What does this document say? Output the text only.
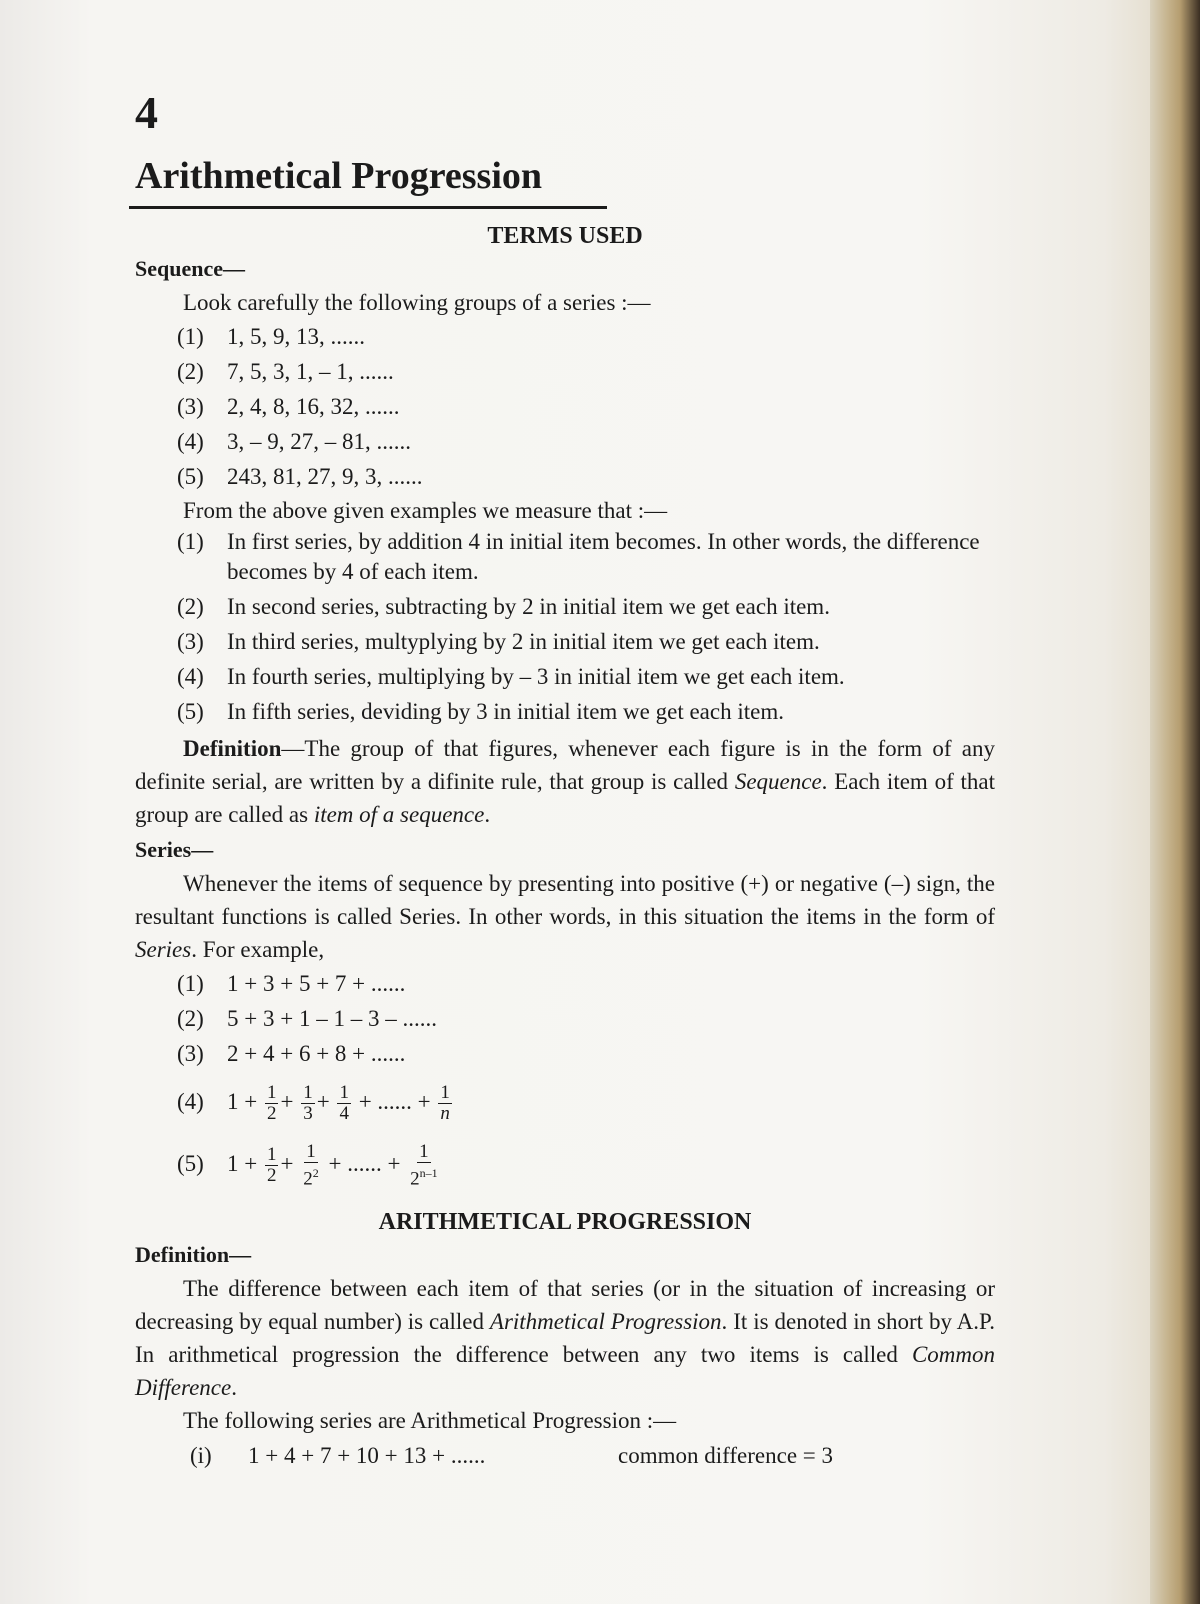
4
Arithmetical Progression
TERMS USED
Sequence—

Look carefully the following groups of a series :—

(1)	1, 5, 9, 13, ......
(2)	7, 5, 3, 1, – 1, ......
(3)	2, 4, 8, 16, 32, ......
(4)	3, – 9, 27, – 81, ......
(5)	243, 81, 27, 9, 3, ......

From the above given examples we measure that :—

(1)	In first series, by addition 4 in initial item becomes. In other words, the difference becomes by 4 of each item.
(2)	In second series, subtracting by 2 in initial item we get each item.
(3)	In third series, multyplying by 2 in initial item we get each item.
(4)	In fourth series, multiplying by – 3 in initial item we get each item.
(5)	In fifth series, deviding by 3 in initial item we get each item.

Definition—The group of that figures, whenever each figure is in the form of any definite serial, are written by a difinite rule, that group is called Sequence. Each item of that group are called as item of a sequence.

Series—

Whenever the items of sequence by presenting into positive (+) or negative (–) sign, the resultant functions is called Series. In other words, in this situation the items in the form of Series. For example,

(1)	1 + 3 + 5 + 7 + ......
(2)	5 + 3 + 1 – 1 – 3 – ......
(3)	2 + 4 + 6 + 8 + ......
(4)	$1 + \frac{1}{2} + \frac{1}{3} + \frac{1}{4}$ + ...... + $\frac{1}{n}$
(5)	$1 + \frac{1}{2} + \frac{1}{2^2}$ + ...... + $\frac{1}{2^{n-1}}$
ARITHMETICAL PROGRESSION
Definition—

The difference between each item of that series (or in the situation of increasing or decreasing by equal number) is called Arithmetical Progression. It is denoted in short by A.P. In arithmetical progression the difference between any two items is called Common Difference.

The following series are Arithmetical Progression :—

(i)	1 + 4 + 7 + 10 + 13 + ......	common difference = 3
